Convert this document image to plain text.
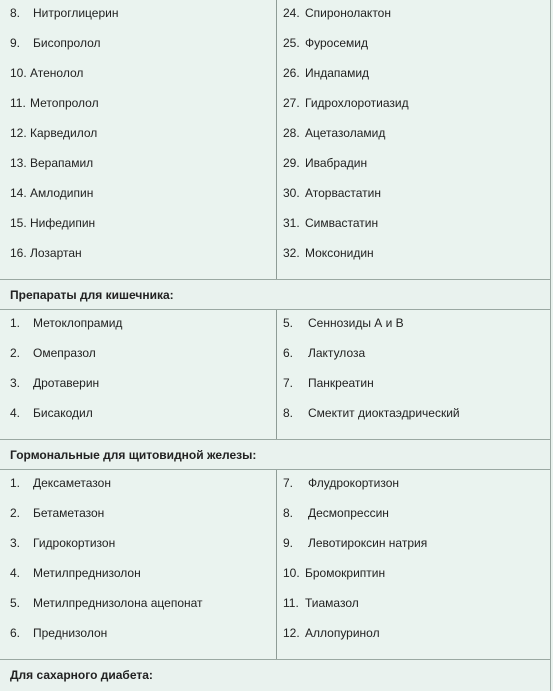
8. Нитроглицерин
9. Бисопролол
10. Атенолол
11. Метопролол
12. Карведилол
13. Верапамил
14. Амлодипин
15. Нифедипин
16. Лозартан
24. Спиронолактон
25. Фуросемид
26. Индапамид
27. Гидрохлоротиазид
28. Ацетазоламид
29. Ивабрадин
30. Аторвастатин
31. Симвастатин
32. Моксонидин
Препараты для кишечника:
1. Метоклопрамид
2. Омепразол
3. Дротаверин
4. Бисакодил
5. Сеннозиды А и В
6. Лактулоза
7. Панкреатин
8. Смектит диоктаэдрический
Гормональные для щитовидной железы:
1. Дексаметазон
2. Бетаметазон
3. Гидрокортизон
4. Метилпреднизолон
5. Метилпреднизолона ацепонат
6. Преднизолон
7. Флудрокортизон
8. Десмопрессин
9. Левотироксин натрия
10. Бромокриптин
11. Тиамазол
12. Аллопуринол
Для сахарного диабета:
